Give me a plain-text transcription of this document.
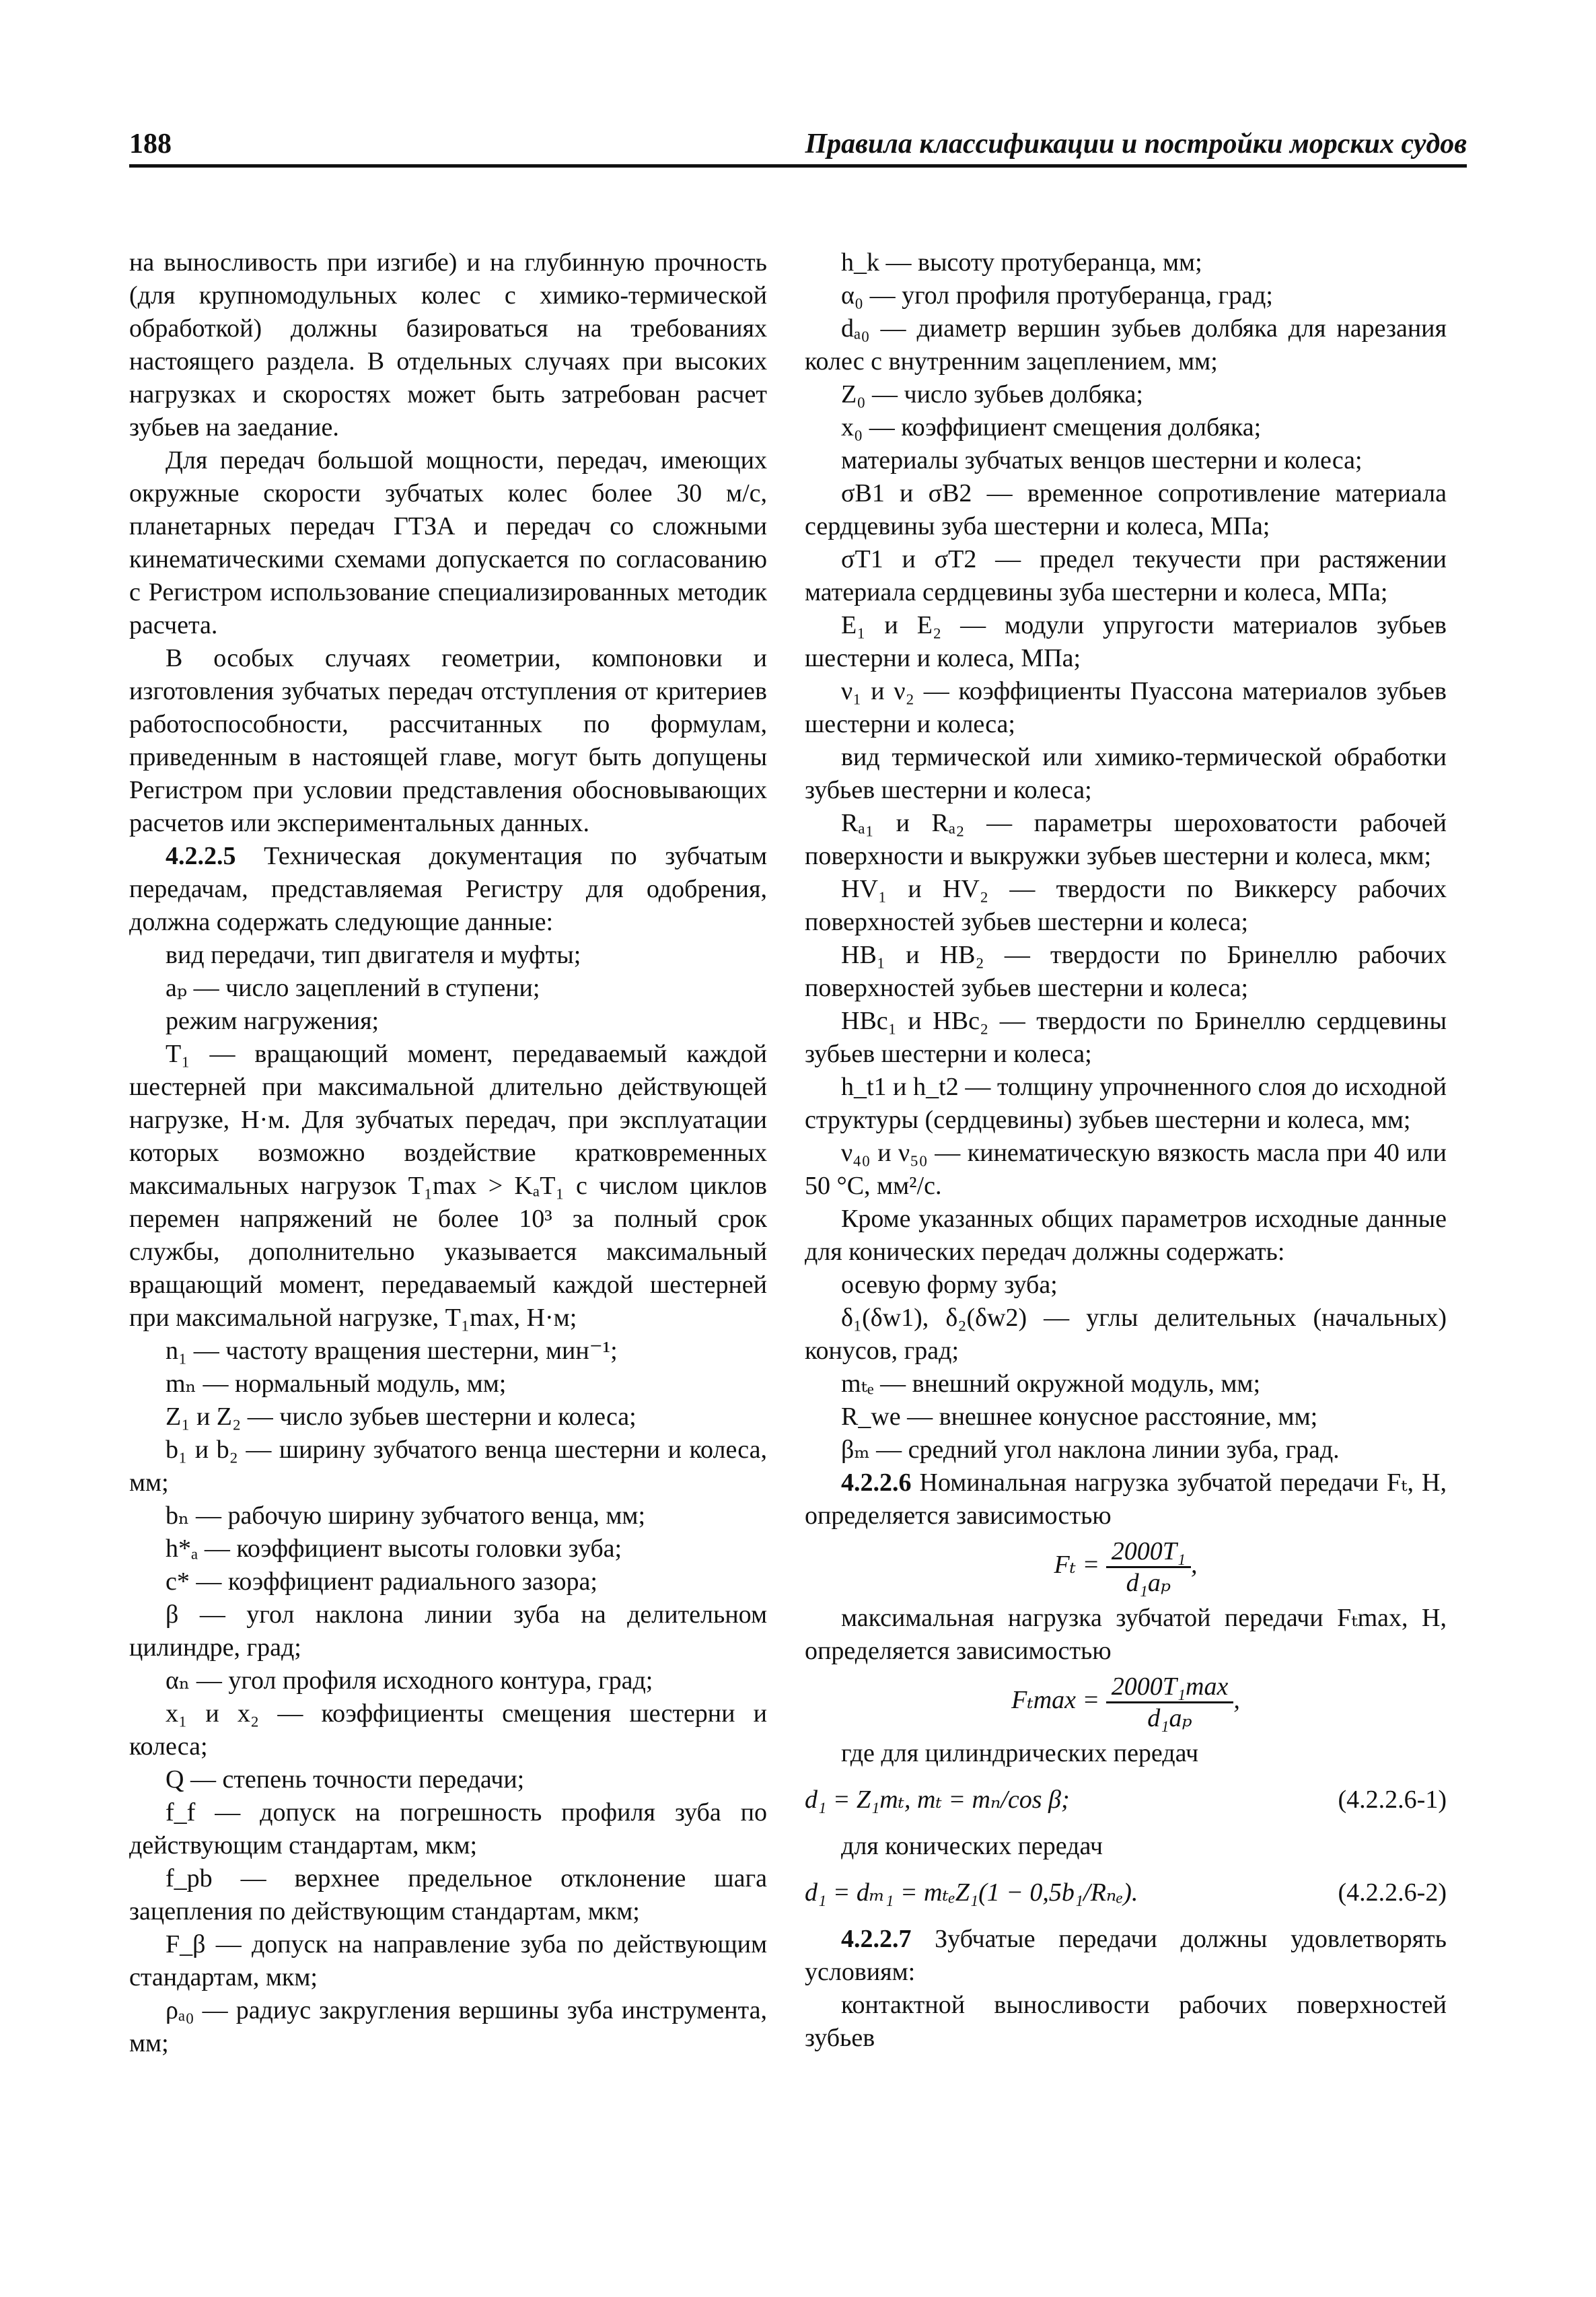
188	Правила классификации и постройки морских судов

на выносливость при изгибе) и на глубинную прочность (для крупномодульных колес с химико-термической обработкой) должны базироваться на требованиях настоящего раздела. В отдельных случаях при высоких нагрузках и скоростях может быть затребован расчет зубьев на заедание.

Для передач большой мощности, передач, имеющих окружные скорости зубчатых колес более 30 м/с, планетарных передач ГТЗА и передач со сложными кинематическими схемами допускается по согласованию с Регистром использование специализированных методик расчета.

В особых случаях геометрии, компоновки и изготовления зубчатых передач отступления от критериев работоспособности, рассчитанных по формулам, приведенным в настоящей главе, могут быть допущены Регистром при условии представления обосновывающих расчетов или экспериментальных данных.

4.2.2.5 Техническая документация по зубчатым передачам, представляемая Регистру для одобрения, должна содержать следующие данные:

вид передачи, тип двигателя и муфты;

aₚ — число зацеплений в ступени;

режим нагружения;

T₁ — вращающий момент, передаваемый каждой шестерней при максимальной длительно действующей нагрузке, Н·м. Для зубчатых передач, при эксплуатации которых возможно воздействие кратковременных максимальных нагрузок T₁max > KₐT₁ с числом циклов перемен напряжений не более 10³ за полный срок службы, дополнительно указывается максимальный вращающий момент, передаваемый каждой шестерней при максимальной нагрузке, T₁max, Н·м;

n₁ — частоту вращения шестерни, мин⁻¹;

mₙ — нормальный модуль, мм;

Z₁ и Z₂ — число зубьев шестерни и колеса;

b₁ и b₂ — ширину зубчатого венца шестерни и колеса, мм;

bₙ — рабочую ширину зубчатого венца, мм;

h*ₐ — коэффициент высоты головки зуба;

c* — коэффициент радиального зазора;

β — угол наклона линии зуба на делительном цилиндре, град;

αₙ — угол профиля исходного контура, град;

x₁ и x₂ — коэффициенты смещения шестерни и колеса;

Q — степень точности передачи;

f_f — допуск на погрешность профиля зуба по действующим стандартам, мкм;

f_pb — верхнее предельное отклонение шага зацепления по действующим стандартам, мкм;

F_β — допуск на направление зуба по действующим стандартам, мкм;

ρₐ₀ — радиус закругления вершины зуба инструмента, мм;

h_k — высоту протуберанца, мм;

α₀ — угол профиля протуберанца, град;

dₐ₀ — диаметр вершин зубьев долбяка для нарезания колес с внутренним зацеплением, мм;

Z₀ — число зубьев долбяка;

x₀ — коэффициент смещения долбяка;

материалы зубчатых венцов шестерни и колеса;

σB1 и σB2 — временное сопротивление материала сердцевины зуба шестерни и колеса, МПа;

σT1 и σT2 — предел текучести при растяжении материала сердцевины зуба шестерни и колеса, МПа;

E₁ и E₂ — модули упругости материалов зубьев шестерни и колеса, МПа;

ν₁ и ν₂ — коэффициенты Пуассона материалов зубьев шестерни и колеса;

вид термической или химико-термической обработки зубьев шестерни и колеса;

Rₐ₁ и Rₐ₂ — параметры шероховатости рабочей поверхности и выкружки зубьев шестерни и колеса, мкм;

HV₁ и HV₂ — твердости по Виккерсу рабочих поверхностей зубьев шестерни и колеса;

HB₁ и HB₂ — твердости по Бринеллю рабочих поверхностей зубьев шестерни и колеса;

HBc₁ и HBc₂ — твердости по Бринеллю сердцевины зубьев шестерни и колеса;

h_t1 и h_t2 — толщину упрочненного слоя до исходной структуры (сердцевины) зубьев шестерни и колеса, мм;

ν₄₀ и ν₅₀ — кинематическую вязкость масла при 40 или 50 °С, мм²/с.

Кроме указанных общих параметров исходные данные для конических передач должны содержать:

осевую форму зуба;

δ₁(δw1), δ₂(δw2) — углы делительных (начальных) конусов, град;

mₜₑ — внешний окружной модуль, мм;

R_we — внешнее конусное расстояние, мм;

βₘ — средний угол наклона линии зуба, град.

4.2.2.6 Номинальная нагрузка зубчатой передачи Fₜ, Н, определяется зависимостью

$F_t = \frac{\text{2000T₁}}{\text{d₁aₚ}}$ ,

максимальная нагрузка зубчатой передачи Fₜmax, Н, определяется зависимостью

$F_t\max = \frac{\text{2000T₁max}}{\text{d₁aₚ}}$ ,

где для цилиндрических передач

d₁ = Z₁mₜ, mₜ = mₙ/cos β;	(4.2.2.6-1)

для конических передач

d₁ = dₘ₁ = mₜₑZ₁(1 − 0,5b₁/Rₙₑ).	(4.2.2.6-2)

4.2.2.7 Зубчатые передачи должны удовлетворять условиям:

контактной выносливости рабочих поверхностей зубьев
